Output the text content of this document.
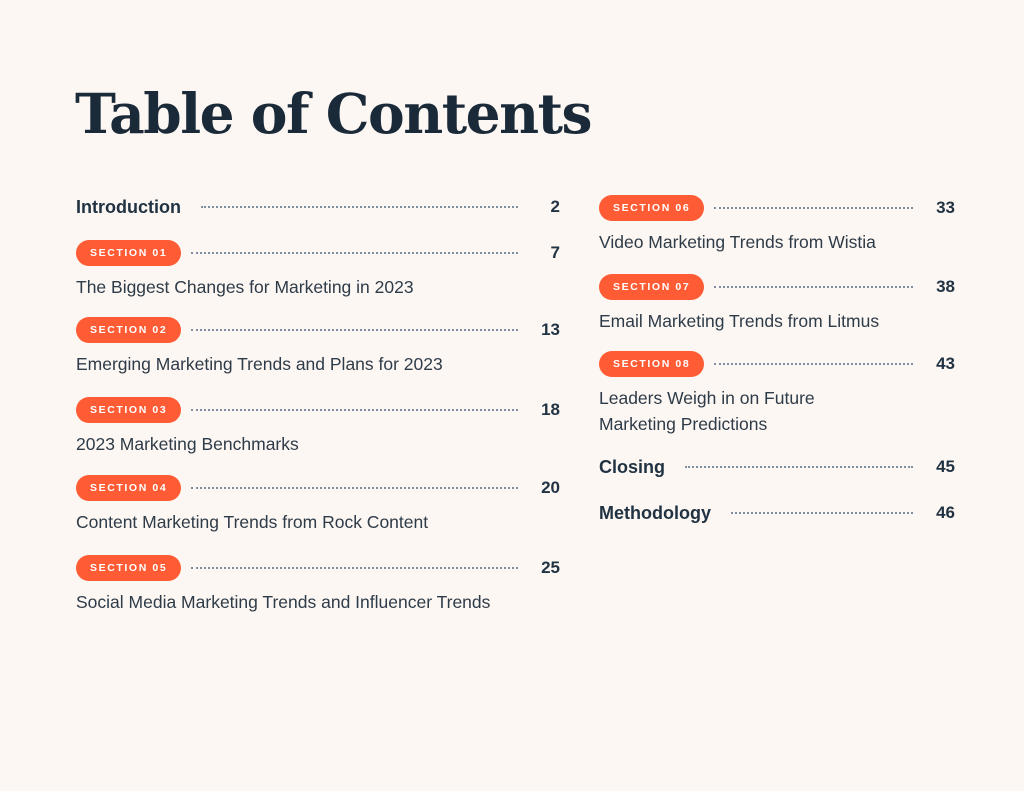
Table of Contents
Introduction	2
SECTION 01	7
The Biggest Changes for Marketing in 2023
SECTION 02	13
Emerging Marketing Trends and Plans for 2023
SECTION 03	18
2023 Marketing Benchmarks
SECTION 04	20
Content Marketing Trends from Rock Content
SECTION 05	25
Social Media Marketing Trends and Influencer Trends
SECTION 06	33
Video Marketing Trends from Wistia
SECTION 07	38
Email Marketing Trends from Litmus
SECTION 08	43
Leaders Weigh in on Future
Marketing Predictions
Closing	45
Methodology	46
